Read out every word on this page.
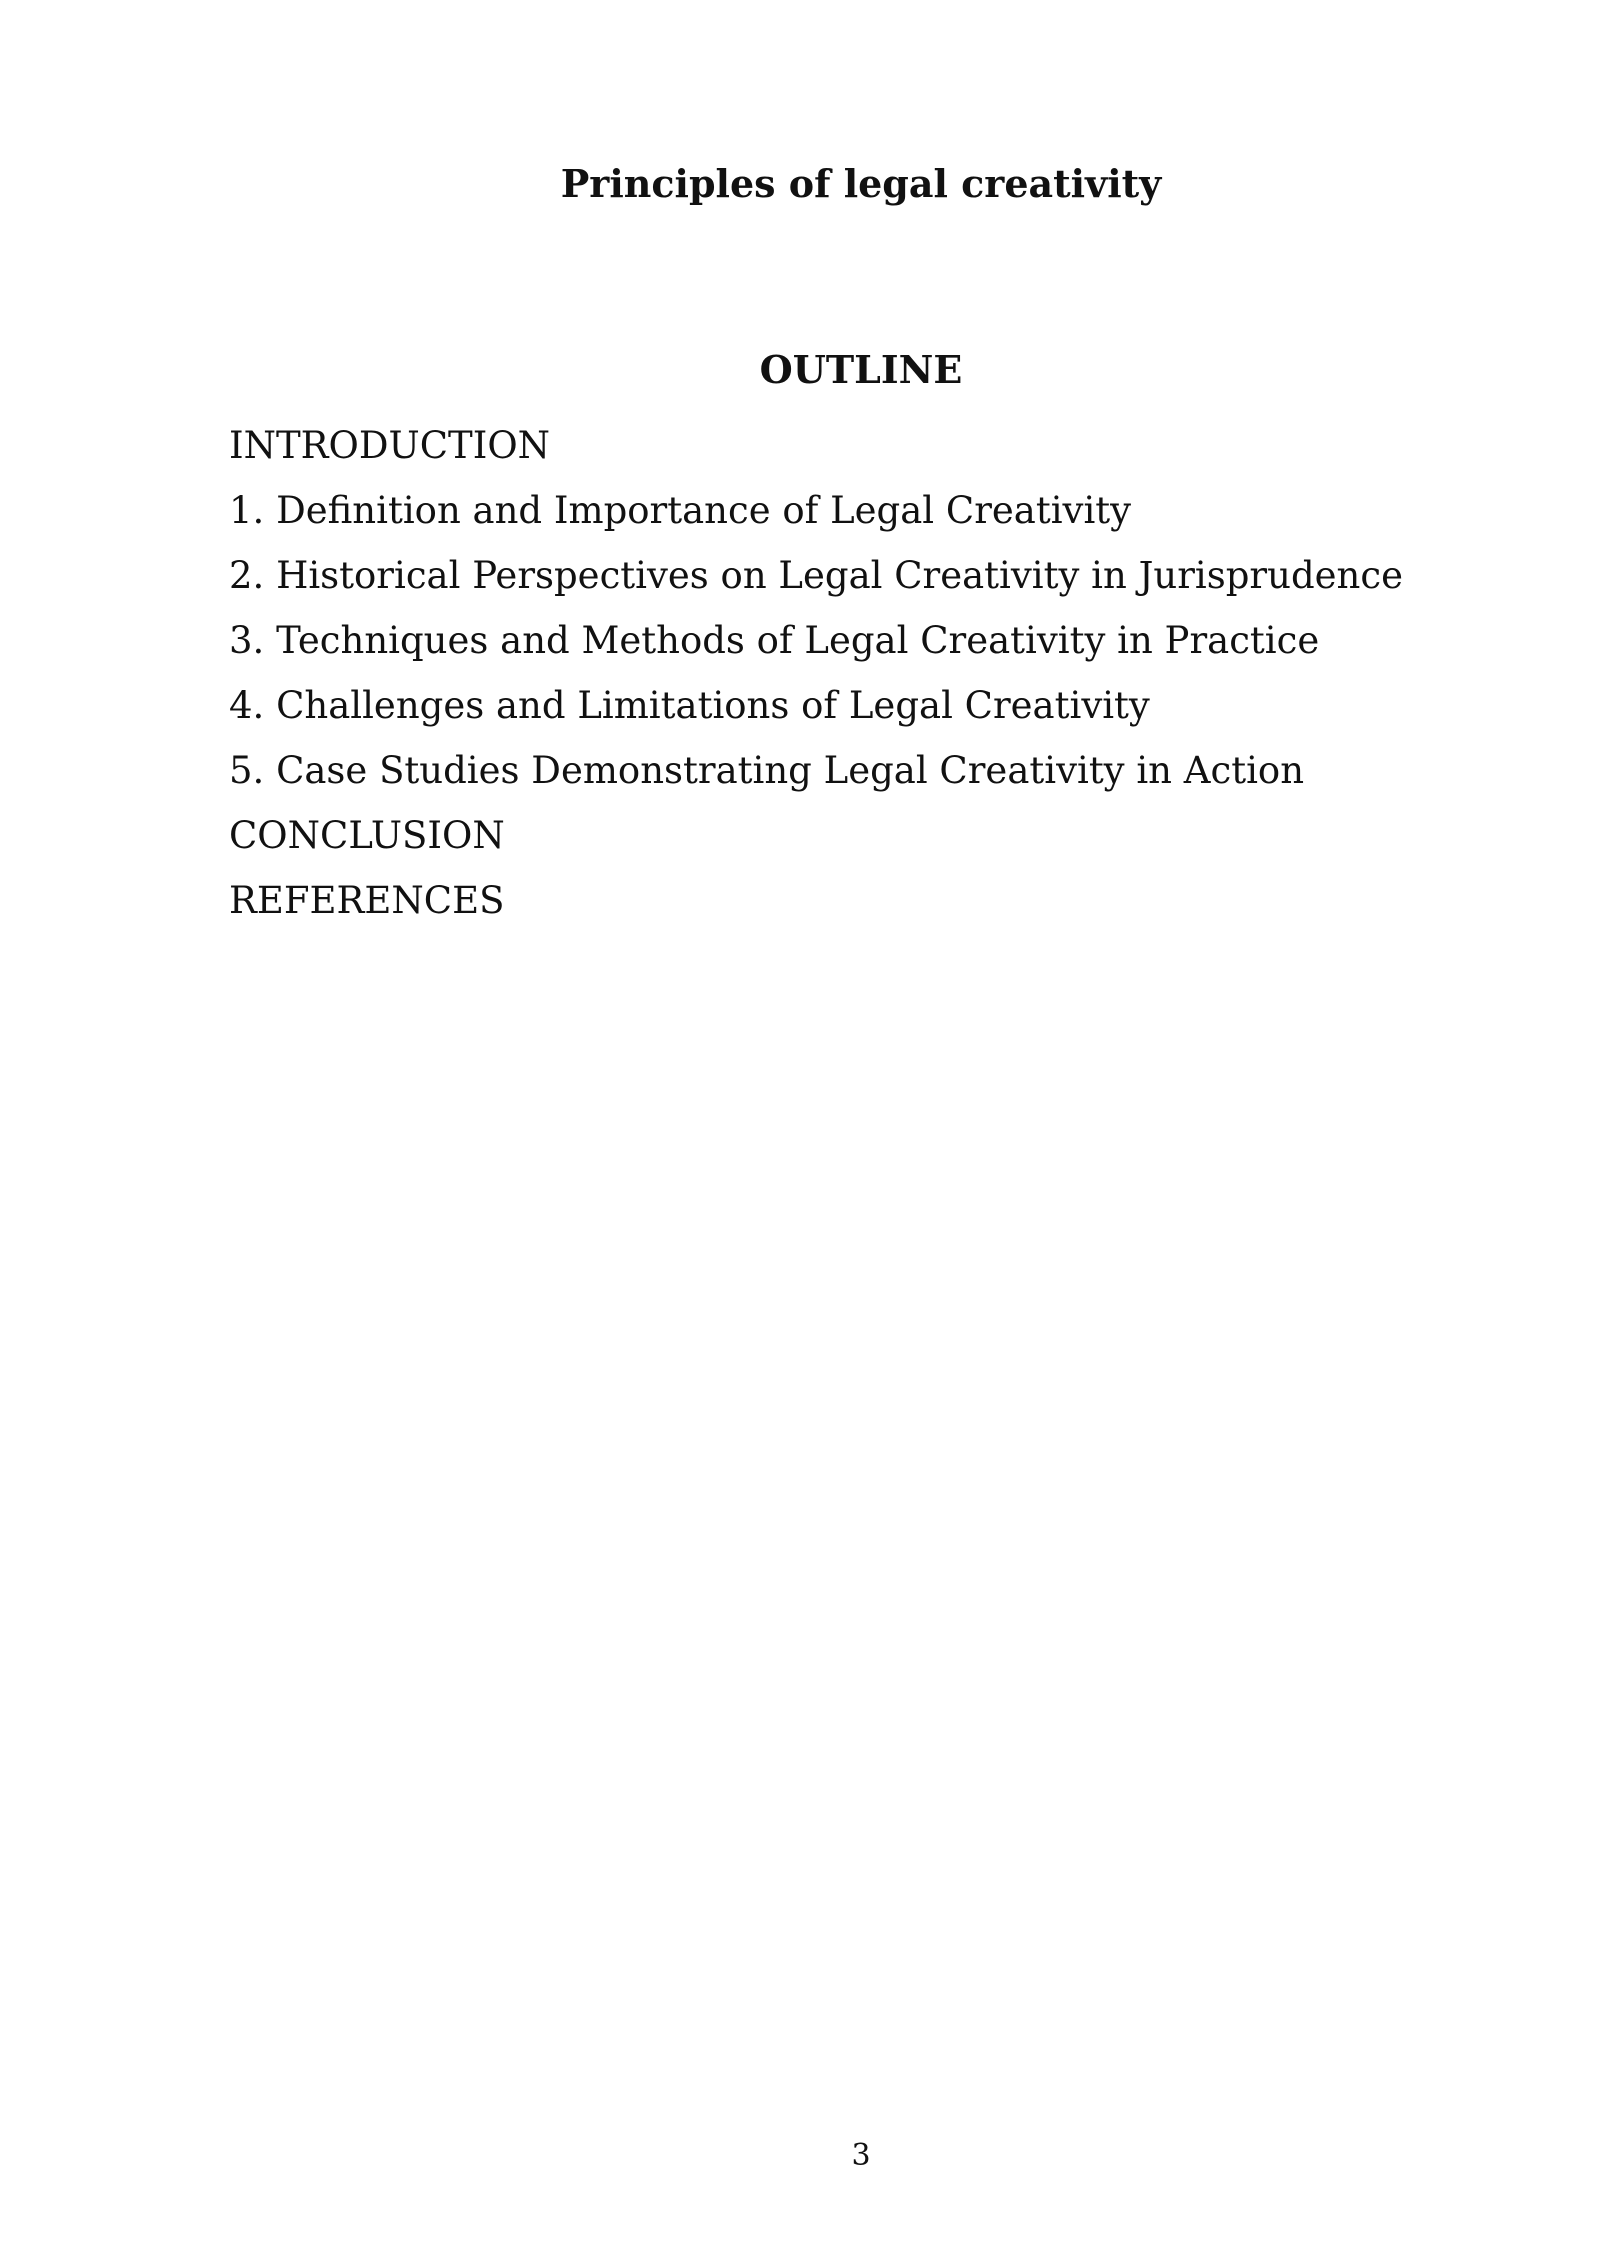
Principles of legal creativity
OUTLINE
INTRODUCTION
1. Definition and Importance of Legal Creativity
2. Historical Perspectives on Legal Creativity in Jurisprudence
3. Techniques and Methods of Legal Creativity in Practice
4. Challenges and Limitations of Legal Creativity
5. Case Studies Demonstrating Legal Creativity in Action
CONCLUSION
REFERENCES
3
